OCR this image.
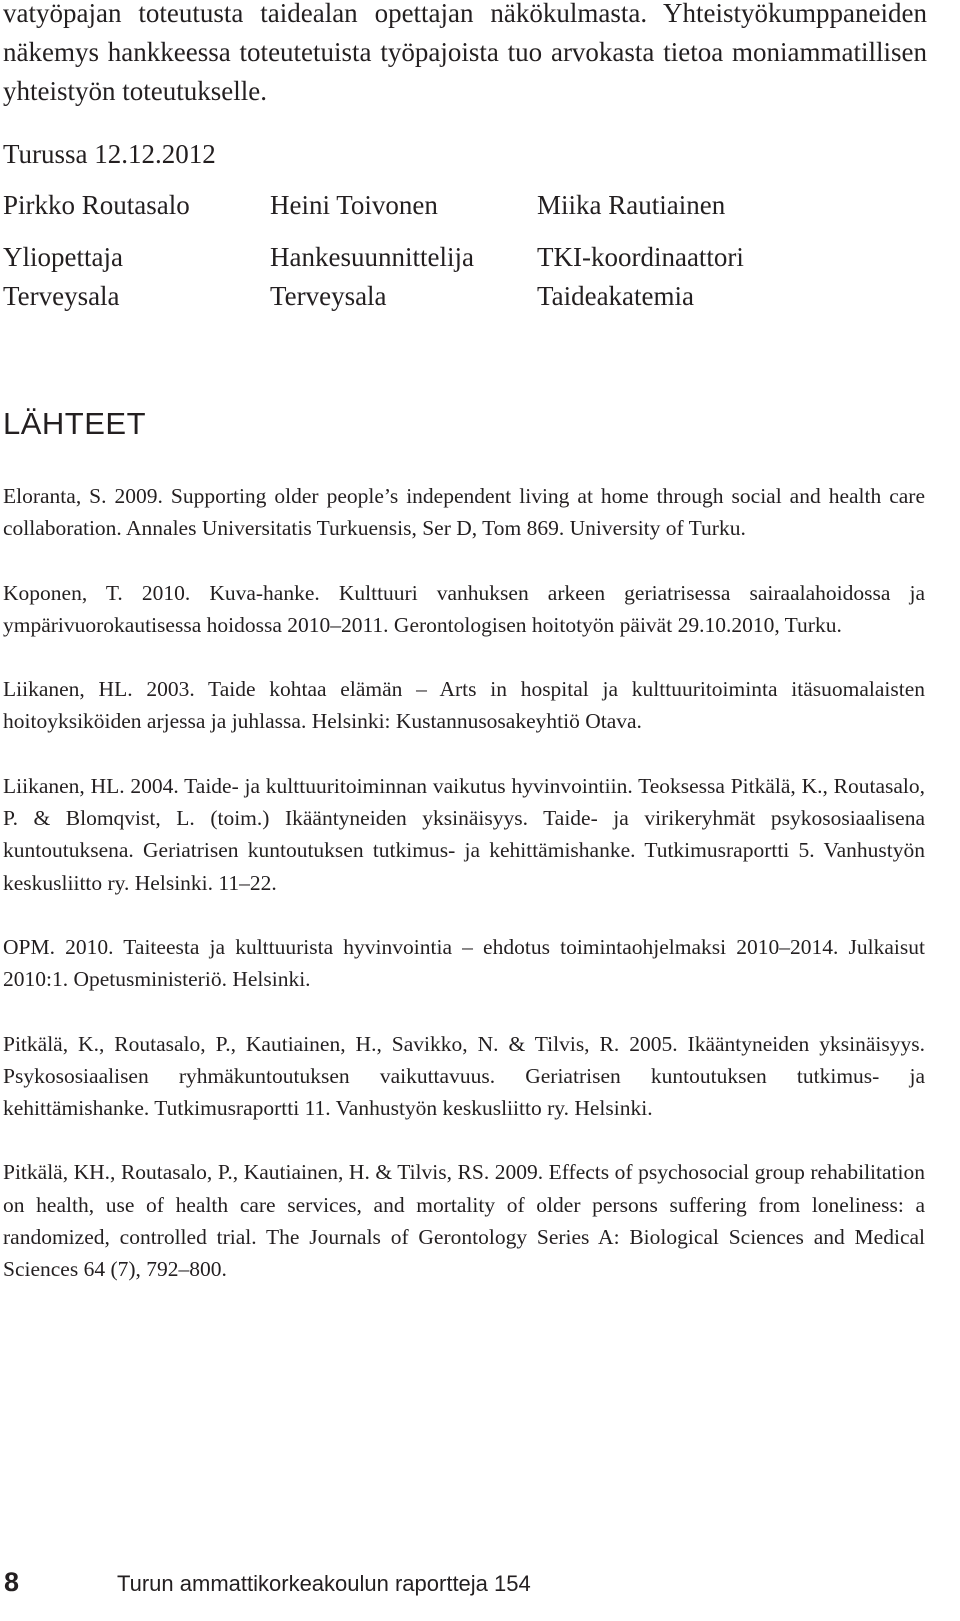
vatyöpajan toteutusta taidealan opettajan näkökulmasta. Yhteistyökumppaneiden näkemys hankkeessa toteutetuista työpajoista tuo arvokasta tietoa moniammatillisen yhteistyön toteutukselle.

Turussa 12.12.2012

Pirkko Routasalo
Yliopettaja
Terveysala
Heini Toivonen
Hankesuunnittelija
Terveysala
Miika Rautiainen
TKI-koordinaattori
Taideakatemia
LÄHTEET
Eloranta, S. 2009. Supporting older people’s independent living at home through social and health care collaboration. Annales Universitatis Turkuensis, Ser D, Tom 869. University of Turku.
Koponen, T. 2010. Kuva-hanke. Kulttuuri vanhuksen arkeen geriatrisessa sairaalahoidossa ja ympärivuorokautisessa hoidossa 2010–2011. Gerontologisen hoitotyön päivät 29.10.2010, Turku.
Liikanen, HL. 2003. Taide kohtaa elämän – Arts in hospital ja kulttuuritoiminta itäsuomalaisten hoitoyksiköiden arjessa ja juhlassa. Helsinki: Kustannusosakeyhtiö Otava.
Liikanen, HL. 2004. Taide- ja kulttuuritoiminnan vaikutus hyvinvointiin. Teoksessa Pitkälä, K., Routasalo, P. & Blomqvist, L. (toim.) Ikääntyneiden yksinäisyys. Taide- ja virikeryhmät psykososiaalisena kuntoutuksena. Geriatrisen kuntoutuksen tutkimus- ja kehittämishanke. Tutkimusraportti 5. Vanhustyön keskusliitto ry. Helsinki. 11–22.
OPM. 2010. Taiteesta ja kulttuurista hyvinvointia – ehdotus toimintaohjelmaksi 2010–2014. Julkaisut 2010:1. Opetusministeriö. Helsinki.
Pitkälä, K., Routasalo, P., Kautiainen, H., Savikko, N. & Tilvis, R. 2005. Ikääntyneiden yksinäisyys. Psykososiaalisen ryhmäkuntoutuksen vaikuttavuus. Geriatrisen kuntoutuksen tutkimus- ja kehittämishanke. Tutkimusraportti 11. Vanhustyön keskusliitto ry. Helsinki.
Pitkälä, KH., Routasalo, P., Kautiainen, H. & Tilvis, RS. 2009. Effects of psychosocial group rehabilitation on health, use of health care services, and mortality of older persons suffering from loneliness: a randomized, controlled trial. The Journals of Gerontology Series A: Biological Sciences and Medical Sciences 64 (7), 792–800.
8	Turun ammattikorkeakoulun raportteja 154
